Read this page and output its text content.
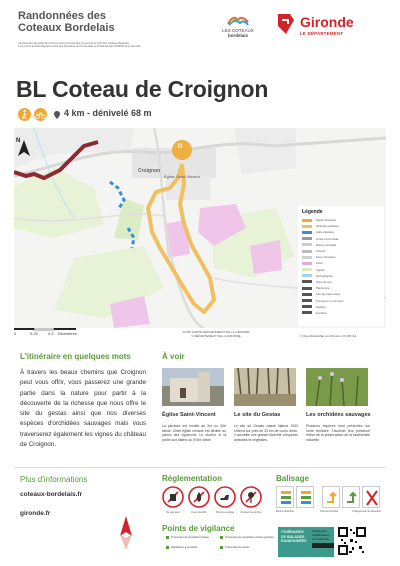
Randonnées des
Coteaux Bordelais
Cet itinéraire fait partie du schéma intercommunal des sentiers de la CdC des Coteaux Bordelais.
Il est inscrit au Plan Départemental des Itinéraires de Promenade et de Randonnée (PDIPR) de la Gironde.
LES COTEAUX
bordelais
Gironde
LE DÉPARTEMENT
BL Coteau de Croignon
4 km - dénivelé 68 m
Croignon
Église Saint-Vincent
D
N
Légende
Départ itinéraire
Itinéraire pédestre
Autre itinéraire
Limite communale
Route principale
Chemin
Zone urbanisée
Forêt
Vignes
Hydrographie
Point de vue
Patrimoine
Aire de pique-nique
Transport en commun
Parking
Fontaine
0	0,25	0,5 Kilomètres	FOND CARTE DÉPARTEMENT DE LA GIRONDE
© DÉPARTEMENT DE LA GIRONDE	© OpenStreetMap contributors, CC-BY-SA
L'itinéraire en quelques mots
À travers les beaux chemins que Croignon peut vous offrir, vous passerez une grande partie dans la nature pour partir à la découverte de la richesse que nous offre le site du gestas ainsi que nos diverses espèces d'orchidées sauvages mais vous traverserez également les vignes du château de Croignon.
À voir
Église Saint-Vincent	Le site du Gestas	Les orchidées sauvages
La paroisse est fondée au XIe ou XIIe siècle. Cette église romane est dédiée au patron des vignerons. Le clocher et la partie sud datent du XVIIe siècle.
Le site du Gestas classé Natura 2000 s'étend sur près de 33 km de cours d'eau. Il accueille une grande diversité d'espèces animales et végétales.
Plusieurs espèces sont présentes sur notre territoire. Favoriser leur présence relève de la préservation de la biodiversité naturelle.
Plus d'informations
coteaux-bordelais.fr
gironde.fr
Réglementation
Ne pas jeter	Feux interdits	Chiens en laisse	Respect de la flore
Points de vigilance
Traversées de propriétés privées	Traversées de propriétés privées agricoles
Habitations à proximité	Traversées de routes
Balisage
Bonne direction	Tourner à droite	Changement de direction
ITINÉRAIRES
DE BALADES
RANDONNÉES
Toutes les
randonnées
sur Gironde
